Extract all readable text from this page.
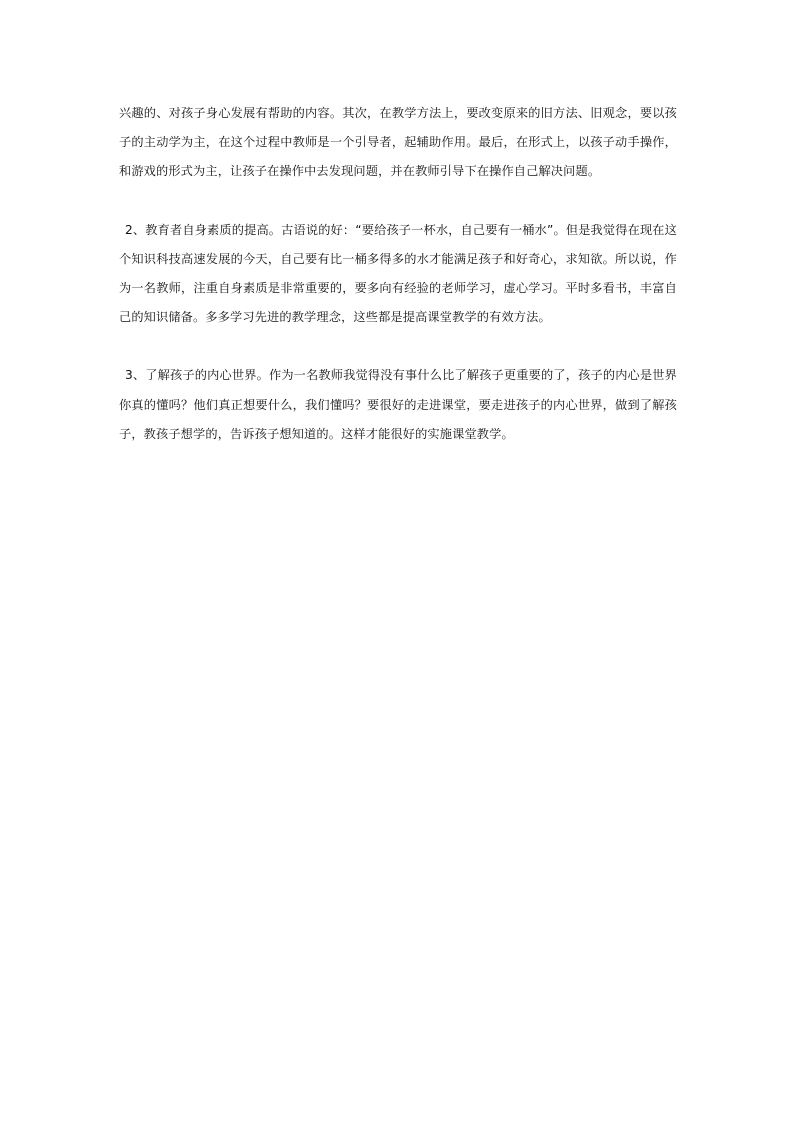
兴趣的、对孩子身心发展有帮助的内容。其次，在教学方法上，要改变原来的旧方法、旧观念，要以孩子的主动学为主，在这个过程中教师是一个引导者，起辅助作用。最后，在形式上，以孩子动手操作，和游戏的形式为主，让孩子在操作中去发现问题，并在教师引导下在操作自己解决问题。

2、教育者自身素质的提高。古语说的好：“要给孩子一杯水，自己要有一桶水”。但是我觉得在现在这个知识科技高速发展的今天，自己要有比一桶多得多的水才能满足孩子和好奇心，求知欲。所以说，作为一名教师，注重自身素质是非常重要的，要多向有经验的老师学习，虚心学习。平时多看书，丰富自己的知识储备。多多学习先进的教学理念，这些都是提高课堂教学的有效方法。

3、了解孩子的内心世界。作为一名教师我觉得没有事什么比了解孩子更重要的了，孩子的内心是世界你真的懂吗？他们真正想要什么，我们懂吗？要很好的走进课堂，要走进孩子的内心世界，做到了解孩子，教孩子想学的，告诉孩子想知道的。这样才能很好的实施课堂教学。
